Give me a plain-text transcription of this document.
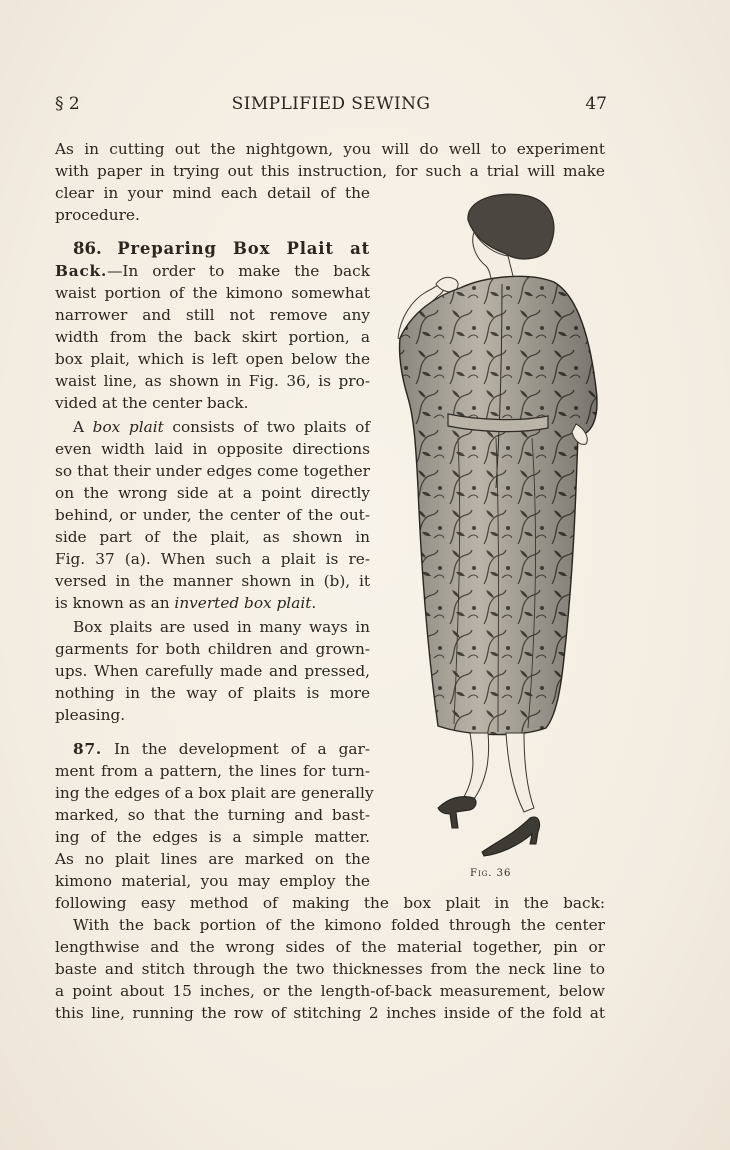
§ 2	SIMPLIFIED SEWING	47
As in cutting out the nightgown, you will do well to experiment
with paper in trying out this instruction, for such a trial will make
clear in your mind each detail of the
procedure.
86. Preparing Box Plait at
Back.—In order to make the back
waist portion of the kimono somewhat
narrower and still not remove any
width from the back skirt portion, a
box plait, which is left open below the
waist line, as shown in Fig. 36, is pro-
vided at the center back.
A box plait consists of two plaits of
even width laid in opposite directions
so that their under edges come together
on the wrong side at a point directly
behind, or under, the center of the out-
side part of the plait, as shown in
Fig. 37 (a). When such a plait is re-
versed in the manner shown in (b), it
is known as an inverted box plait.
Box plaits are used in many ways in
garments for both children and grown-
ups. When carefully made and pressed,
nothing in the way of plaits is more
pleasing.
87. In the development of a gar-
ment from a pattern, the lines for turn-
ing the edges of a box plait are generally
marked, so that the turning and bast-
ing of the edges is a simple matter.
As no plait lines are marked on the
kimono material, you may employ the
following easy method of making the box plait in the back:
With the back portion of the kimono folded through the center
lengthwise and the wrong sides of the material together, pin or
baste and stitch through the two thicknesses from the neck line to
a point about 15 inches, or the length-of-back measurement, below
this line, running the row of stitching 2 inches inside of the fold at
Fig. 36
